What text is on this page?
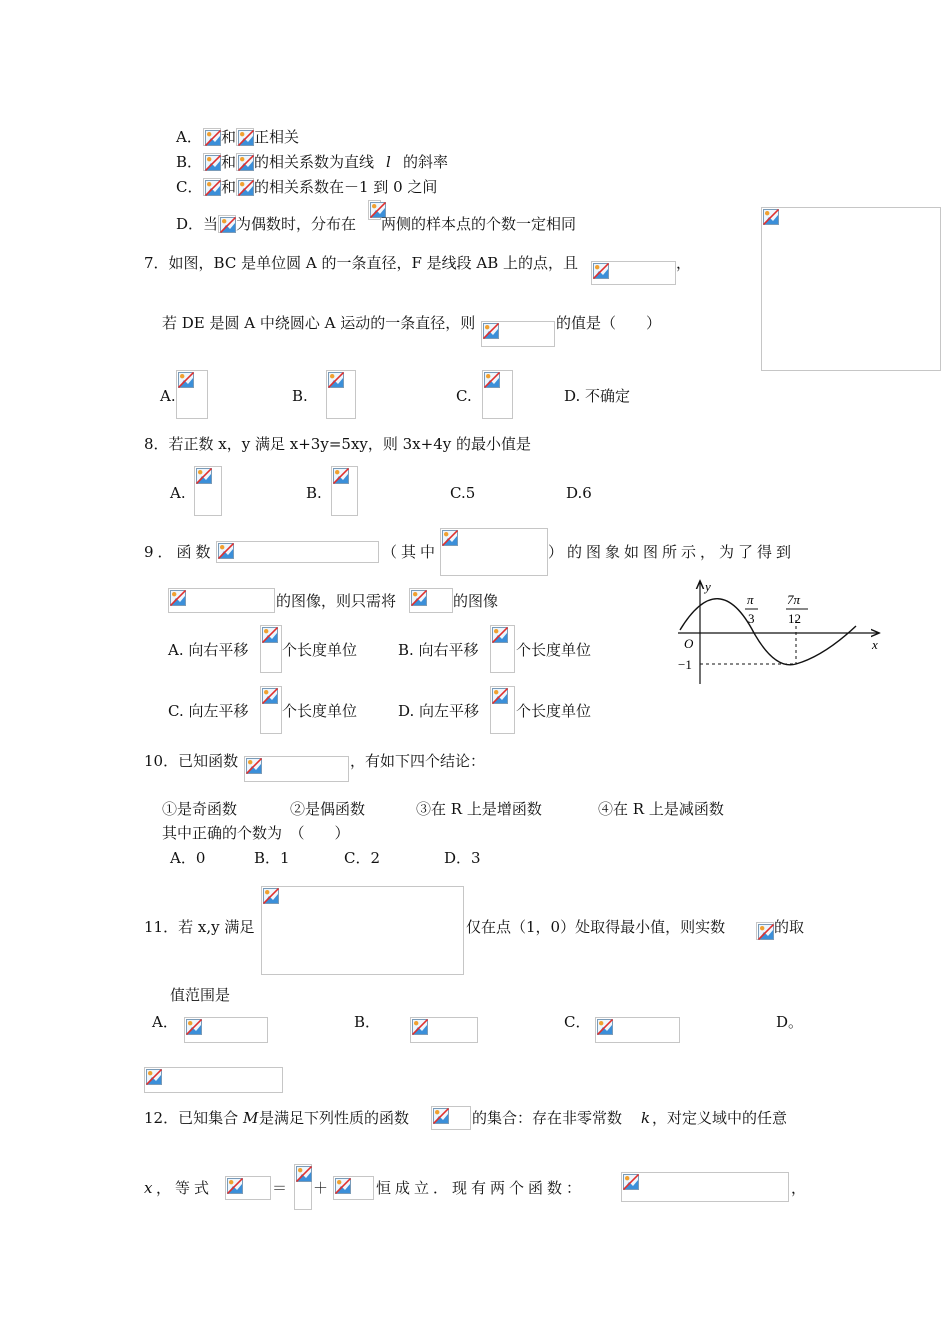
A． 和 正相关
B． 和 的相关系数为直线 l 的斜率
C． 和 的相关系数在－1 到 0 之间
D．当 为偶数时，分布在 两侧的样本点的个数一定相同
7．如图，BC 是单位圆 A 的一条直径，F 是线段 AB 上的点，且	，
若 DE 是圆 A 中绕圆心 A 运动的一条直径，则	的值是（　　）
A.	B.	C.	D. 不确定
8．若正数 x，y 满足 x+3y=5xy，则 3x+4y 的最小值是
A.	B.	C.5	D.6
9．函数	（其中	）的图象如图所示，为了得到
的图像，则只需将	的图像
A. 向右平移 个长度单位	B. 向右平移 个长度单位
C. 向左平移 个长度单位	D. 向左平移 个长度单位
y
x
O
−1
π
3
7π
12
10．已知函数	，有如下四个结论：
①是奇函数	②是偶函数	③在 R 上是增函数	④在 R 上是减函数
其中正确的个数为　（　　）
A．0	B．1	C．2	D．3
11．若 x,y 满足	仅在点（1，0）处取得最小值，则实数	的取
值范围是
A．	B．	C．	D。
12．已知集合 M 是满足下列性质的函数	的集合：存在非零常数 k ，对定义域中的任意
x ，等式	＝ ＋	恒成立．现有两个函数：	，
